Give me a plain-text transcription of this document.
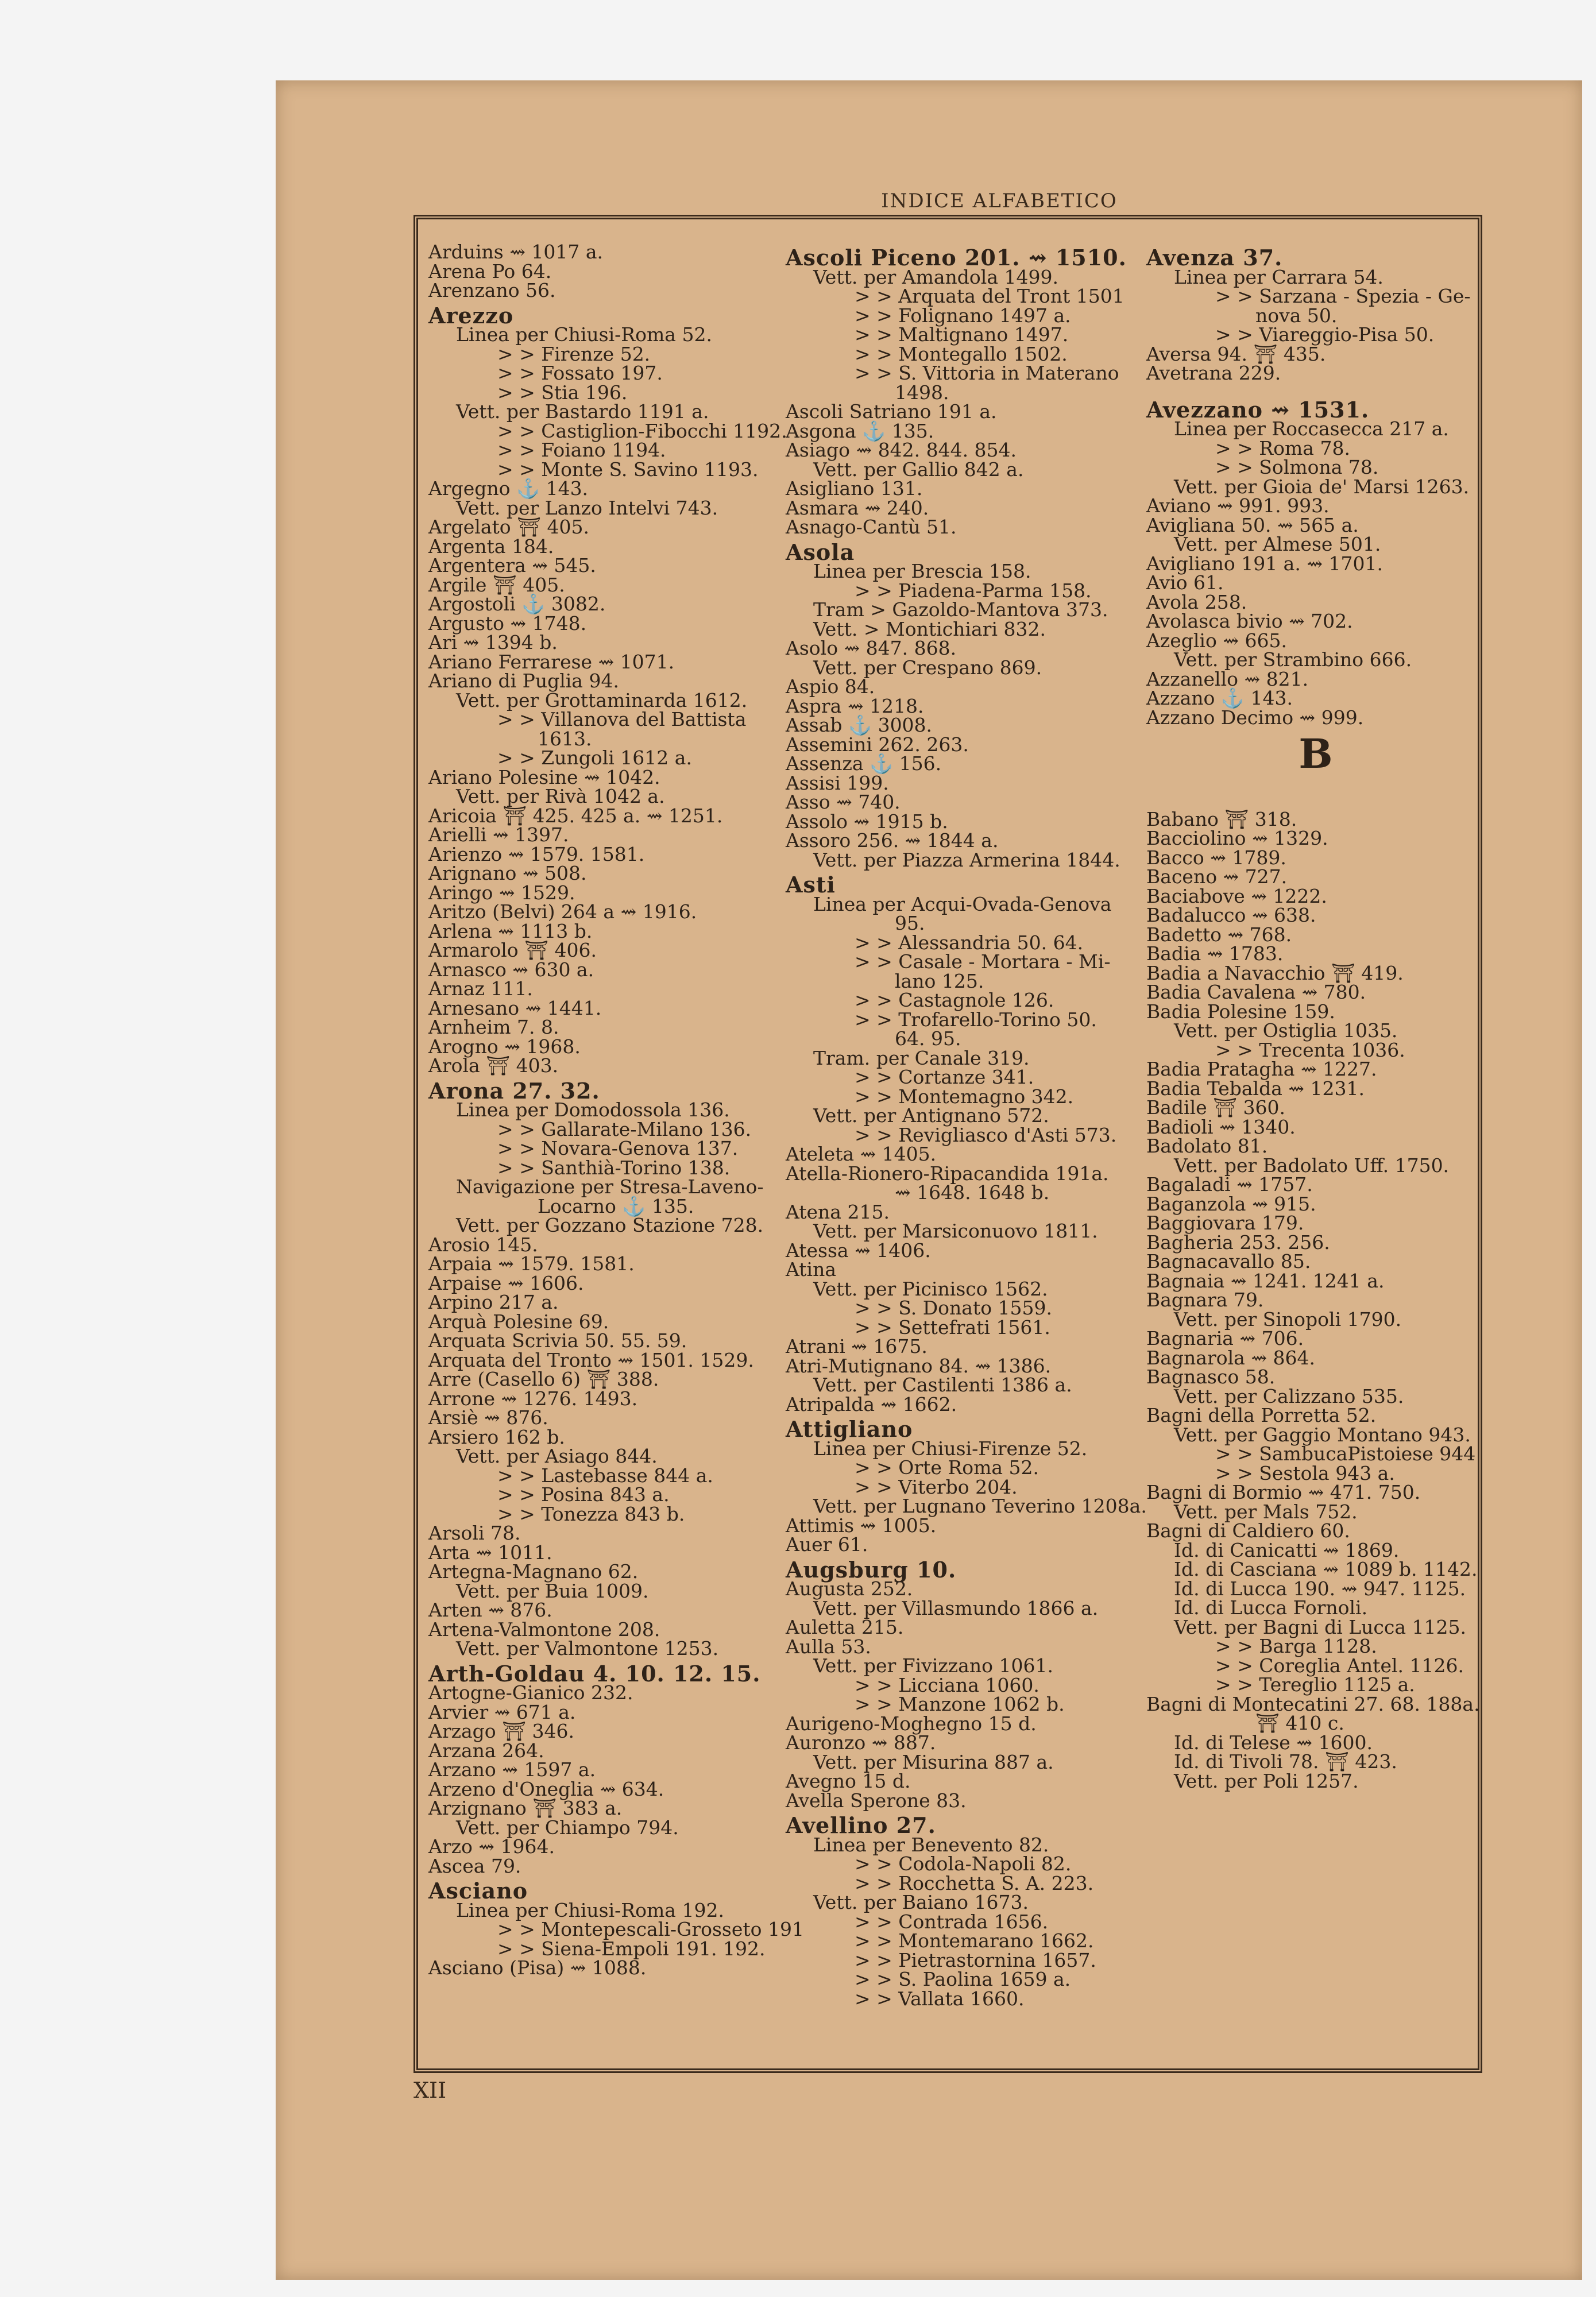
INDICE ALFABETICO
Arduins ⇝ 1017 a.
Arena Po 64.
Arenzano 56.
Arezzo
Linea per Chiusi-Roma 52.
> > Firenze 52.
> > Fossato 197.
> > Stia 196.
Vett. per Bastardo 1191 a.
> > Castiglion-Fibocchi 1192.
> > Foiano 1194.
> > Monte S. Savino 1193.
Argegno ⚓ 143.
Vett. per Lanzo Intelvi 743.
Argelato ⛩ 405.
Argenta 184.
Argentera ⇝ 545.
Argile ⛩ 405.
Argostoli ⚓ 3082.
Argusto ⇝ 1748.
Ari ⇝ 1394 b.
Ariano Ferrarese ⇝ 1071.
Ariano di Puglia 94.
Vett. per Grottaminarda 1612.
> > Villanova del Battista
1613.
> > Zungoli 1612 a.
Ariano Polesine ⇝ 1042.
Vett. per Rivà 1042 a.
Aricoia ⛩ 425. 425 a. ⇝ 1251.
Arielli ⇝ 1397.
Arienzo ⇝ 1579. 1581.
Arignano ⇝ 508.
Aringo ⇝ 1529.
Aritzo (Belvi) 264 a ⇝ 1916.
Arlena ⇝ 1113 b.
Armarolo ⛩ 406.
Arnasco ⇝ 630 a.
Arnaz 111.
Arnesano ⇝ 1441.
Arnheim 7. 8.
Arogno ⇝ 1968.
Arola ⛩ 403.
Arona 27. 32.
Linea per Domodossola 136.
> > Gallarate-Milano 136.
> > Novara-Genova 137.
> > Santhià-Torino 138.
Navigazione per Stresa-Laveno-
Locarno ⚓ 135.
Vett. per Gozzano Stazione 728.
Arosio 145.
Arpaia ⇝ 1579. 1581.
Arpaise ⇝ 1606.
Arpino 217 a.
Arquà Polesine 69.
Arquata Scrivia 50. 55. 59.
Arquata del Tronto ⇝ 1501. 1529.
Arre (Casello 6) ⛩ 388.
Arrone ⇝ 1276. 1493.
Arsiè ⇝ 876.
Arsiero 162 b.
Vett. per Asiago 844.
> > Lastebasse 844 a.
> > Posina 843 a.
> > Tonezza 843 b.
Arsoli 78.
Arta ⇝ 1011.
Artegna-Magnano 62.
Vett. per Buia 1009.
Arten ⇝ 876.
Artena-Valmontone 208.
Vett. per Valmontone 1253.
Arth-Goldau 4. 10. 12. 15.
Artogne-Gianico 232.
Arvier ⇝ 671 a.
Arzago ⛩ 346.
Arzana 264.
Arzano ⇝ 1597 a.
Arzeno d'Oneglia ⇝ 634.
Arzignano ⛩ 383 a.
Vett. per Chiampo 794.
Arzo ⇝ 1964.
Ascea 79.
Asciano
Linea per Chiusi-Roma 192.
> > Montepescali-Grosseto 191
> > Siena-Empoli 191. 192.
Asciano (Pisa) ⇝ 1088.
Ascoli Piceno 201. ⇝ 1510.
Vett. per Amandola 1499.
> > Arquata del Tront 1501
> > Folignano 1497 a.
> > Maltignano 1497.
> > Montegallo 1502.
> > S. Vittoria in Materano
1498.
Ascoli Satriano 191 a.
Asgona ⚓ 135.
Asiago ⇝ 842. 844. 854.
Vett. per Gallio 842 a.
Asigliano 131.
Asmara ⇝ 240.
Asnago-Cantù 51.
Asola
Linea per Brescia 158.
> > Piadena-Parma 158.
Tram > Gazoldo-Mantova 373.
Vett. > Montichiari 832.
Asolo ⇝ 847. 868.
Vett. per Crespano 869.
Aspio 84.
Aspra ⇝ 1218.
Assab ⚓ 3008.
Assemini 262. 263.
Assenza ⚓ 156.
Assisi 199.
Asso ⇝ 740.
Assolo ⇝ 1915 b.
Assoro 256. ⇝ 1844 a.
Vett. per Piazza Armerina 1844.
Asti
Linea per Acqui-Ovada-Genova
95.
> > Alessandria 50. 64.
> > Casale - Mortara - Mi-
lano 125.
> > Castagnole 126.
> > Trofarello-Torino 50.
64. 95.
Tram. per Canale 319.
> > Cortanze 341.
> > Montemagno 342.
Vett. per Antignano 572.
> > Revigliasco d'Asti 573.
Ateleta ⇝ 1405.
Atella-Rionero-Ripacandida 191a.
⇝ 1648. 1648 b.
Atena 215.
Vett. per Marsiconuovo 1811.
Atessa ⇝ 1406.
Atina
Vett. per Picinisco 1562.
> > S. Donato 1559.
> > Settefrati 1561.
Atrani ⇝ 1675.
Atri-Mutignano 84. ⇝ 1386.
Vett. per Castilenti 1386 a.
Atripalda ⇝ 1662.
Attigliano
Linea per Chiusi-Firenze 52.
> > Orte Roma 52.
> > Viterbo 204.
Vett. per Lugnano Teverino 1208a.
Attimis ⇝ 1005.
Auer 61.
Augsburg 10.
Augusta 252.
Vett. per Villasmundo 1866 a.
Auletta 215.
Aulla 53.
Vett. per Fivizzano 1061.
> > Licciana 1060.
> > Manzone 1062 b.
Aurigeno-Moghegno 15 d.
Auronzo ⇝ 887.
Vett. per Misurina 887 a.
Avegno 15 d.
Avella Sperone 83.
Avellino 27.
Linea per Benevento 82.
> > Codola-Napoli 82.
> > Rocchetta S. A. 223.
Vett. per Baiano 1673.
> > Contrada 1656.
> > Montemarano 1662.
> > Pietrastornina 1657.
> > S. Paolina 1659 a.
> > Vallata 1660.
Avenza 37.
Linea per Carrara 54.
> > Sarzana - Spezia - Ge-
nova 50.
> > Viareggio-Pisa 50.
Aversa 94. ⛩ 435.
Avetrana 229.
Avezzano ⇝ 1531.
Linea per Roccasecca 217 a.
> > Roma 78.
> > Solmona 78.
Vett. per Gioia de' Marsi 1263.
Aviano ⇝ 991. 993.
Avigliana 50. ⇝ 565 a.
Vett. per Almese 501.
Avigliano 191 a. ⇝ 1701.
Avio 61.
Avola 258.
Avolasca bivio ⇝ 702.
Azeglio ⇝ 665.
Vett. per Strambino 666.
Azzanello ⇝ 821.
Azzano ⚓ 143.
Azzano Decimo ⇝ 999.
B
Babano ⛩ 318.
Bacciolino ⇝ 1329.
Bacco ⇝ 1789.
Baceno ⇝ 727.
Baciabove ⇝ 1222.
Badalucco ⇝ 638.
Badetto ⇝ 768.
Badia ⇝ 1783.
Badia a Navacchio ⛩ 419.
Badia Cavalena ⇝ 780.
Badia Polesine 159.
Vett. per Ostiglia 1035.
> > Trecenta 1036.
Badia Pratagha ⇝ 1227.
Badia Tebalda ⇝ 1231.
Badile ⛩ 360.
Badioli ⇝ 1340.
Badolato 81.
Vett. per Badolato Uff. 1750.
Bagaladi ⇝ 1757.
Baganzola ⇝ 915.
Baggiovara 179.
Bagheria 253. 256.
Bagnacavallo 85.
Bagnaia ⇝ 1241. 1241 a.
Bagnara 79.
Vett. per Sinopoli 1790.
Bagnaria ⇝ 706.
Bagnarola ⇝ 864.
Bagnasco 58.
Vett. per Calizzano 535.
Bagni della Porretta 52.
Vett. per Gaggio Montano 943.
> > SambucaPistoiese 944
> > Sestola 943 a.
Bagni di Bormio ⇝ 471. 750.
Vett. per Mals 752.
Bagni di Caldiero 60.
Id. di Canicatti ⇝ 1869.
Id. di Casciana ⇝ 1089 b. 1142.
Id. di Lucca 190. ⇝ 947. 1125.
Id. di Lucca Fornoli.
Vett. per Bagni di Lucca 1125.
> > Barga 1128.
> > Coreglia Antel. 1126.
> > Tereglio 1125 a.
Bagni di Montecatini 27. 68. 188a.
⛩ 410 c.
Id. di Telese ⇝ 1600.
Id. di Tivoli 78. ⛩ 423.
Vett. per Poli 1257.
XII
